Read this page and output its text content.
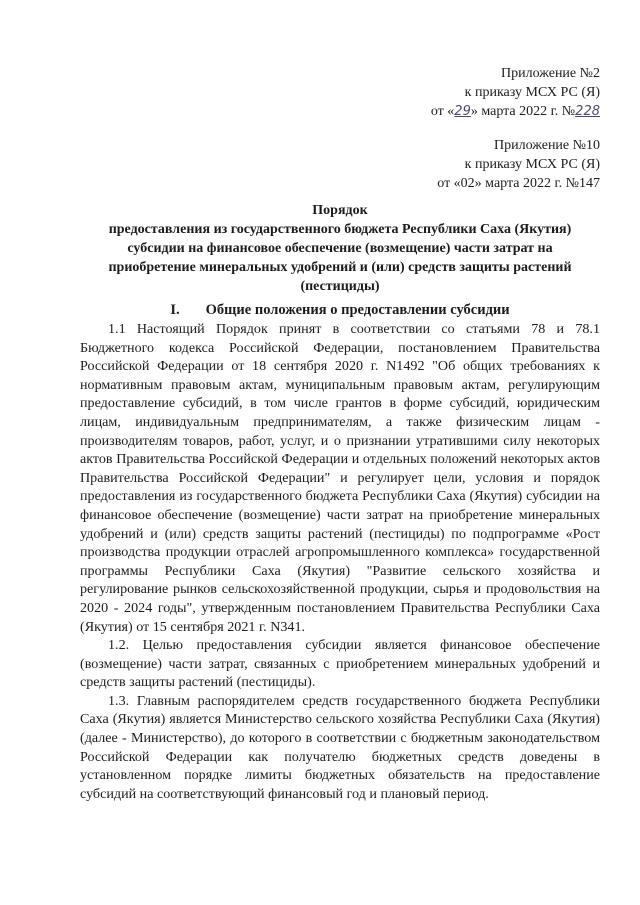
Приложение №2
к приказу МСХ РС (Я)
от «29» марта 2022 г. №228
Приложение №10
к приказу МСХ РС (Я)
от «02» марта 2022 г. №147
Порядок
предоставления из государственного бюджета Республики Саха (Якутия)
субсидии на финансовое обеспечение (возмещение) части затрат на
приобретение минеральных удобрений и (или) средств защиты растений
(пестициды)
I. Общие положения о предоставлении субсидии

1.1 Настоящий Порядок принят в соответствии со статьями 78 и 78.1 Бюджетного кодекса Российской Федерации, постановлением Правительства Российской Федерации от 18 сентября 2020 г. N1492 "Об общих требованиях к нормативным правовым актам, муниципальным правовым актам, регулирующим предоставление субсидий, в том числе грантов в форме субсидий, юридическим лицам, индивидуальным предпринимателям, а также физическим лицам - производителям товаров, работ, услуг, и о признании утратившими силу некоторых актов Правительства Российской Федерации и отдельных положений некоторых актов Правительства Российской Федерации" и регулирует цели, условия и порядок предоставления из государственного бюджета Республики Саха (Якутия) субсидии на финансовое обеспечение (возмещение) части затрат на приобретение минеральных удобрений и (или) средств защиты растений (пестициды) по подпрограмме «Рост производства продукции отраслей агропромышленного комплекса» государственной программы Республики Саха (Якутия) "Развитие сельского хозяйства и регулирование рынков сельскохозяйственной продукции, сырья и продовольствия на 2020 - 2024 годы", утвержденным постановлением Правительства Республики Саха (Якутия) от 15 сентября 2021 г. N341.

1.2. Целью предоставления субсидии является финансовое обеспечение (возмещение) части затрат, связанных с приобретением минеральных удобрений и средств защиты растений (пестициды).

1.3. Главным распорядителем средств государственного бюджета Республики Саха (Якутия) является Министерство сельского хозяйства Республики Саха (Якутия) (далее - Министерство), до которого в соответствии с бюджетным законодательством Российской Федерации как получателю бюджетных средств доведены в установленном порядке лимиты бюджетных обязательств на предоставление субсидий на соответствующий финансовый год и плановый период.
